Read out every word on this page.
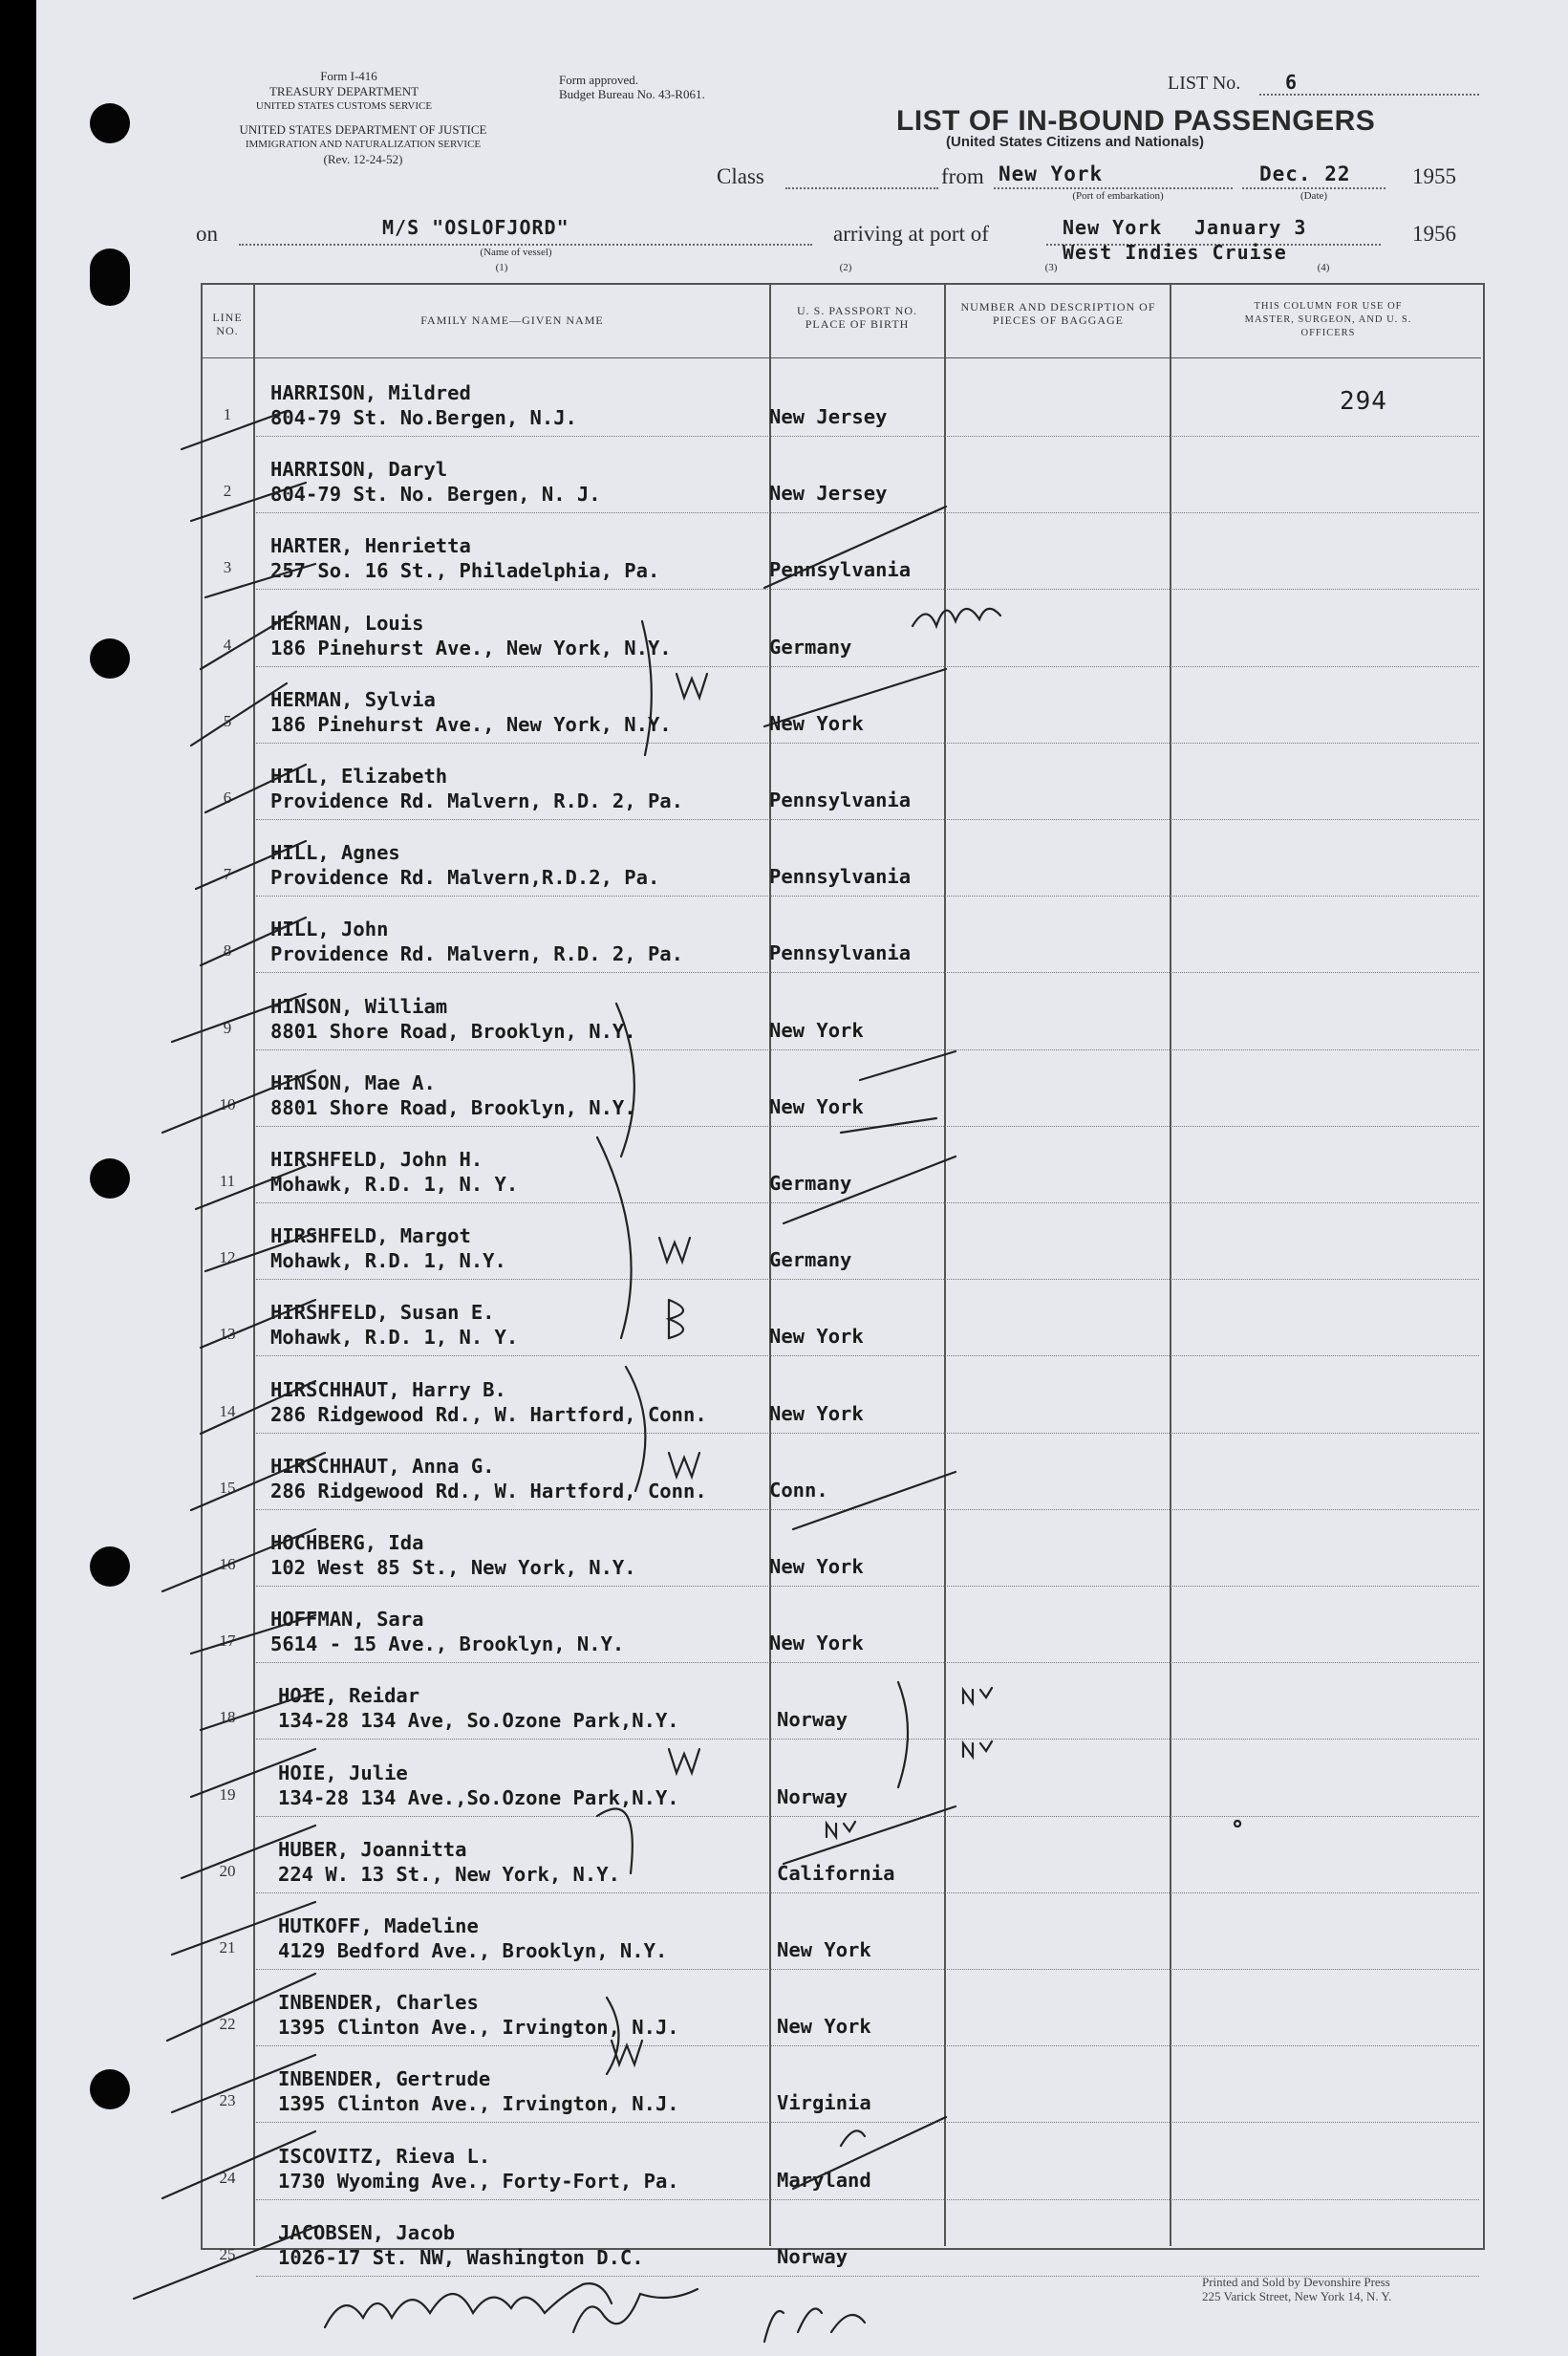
Form I-416
TREASURY DEPARTMENT
UNITED STATES CUSTOMS SERVICE
UNITED STATES DEPARTMENT OF JUSTICE
IMMIGRATION AND NATURALIZATION SERVICE
(Rev. 12-24-52)
Form approved.
Budget Bureau No. 43-R061.
LIST No. 6
LIST OF IN-BOUND PASSENGERS
(United States Citizens and Nationals)
Class	from New York
(Port of embarkation)
Dec. 22
(Date)
1955
on	M/S "OSLOFJORD"
(Name of vessel)
(1)
arriving at port of
(2)
New York January 3
West Indies Cruise
(3)	(4)
1956
LINE NO.
FAMILY NAME—GIVEN NAME
U. S. PASSPORT NO. PLACE OF BIRTH
NUMBER AND DESCRIPTION OF PIECES OF BAGGAGE
THIS COLUMN FOR USE OF MASTER, SURGEON, AND U. S. OFFICERS
294
1
HARRISON, Mildred
804-79 St. No.Bergen, N.J.	New Jersey
2
HARRISON, Daryl
804-79 St. No. Bergen, N. J.	New Jersey
3
HARTER, Henrietta
257 So. 16 St., Philadelphia, Pa.	Pennsylvania
4
HERMAN, Louis
186 Pinehurst Ave., New York, N.Y.	Germany
5
HERMAN, Sylvia
186 Pinehurst Ave., New York, N.Y.	New York
6
HILL, Elizabeth
Providence Rd. Malvern, R.D. 2, Pa.	Pennsylvania
7
HILL, Agnes
Providence Rd. Malvern,R.D.2, Pa.	Pennsylvania
8
HILL, John
Providence Rd. Malvern, R.D. 2, Pa.	Pennsylvania
9
HINSON, William
8801 Shore Road, Brooklyn, N.Y.	New York
10
HINSON, Mae A.
8801 Shore Road, Brooklyn, N.Y.	New York
11
HIRSHFELD, John H.
Mohawk, R.D. 1, N. Y.	Germany
12
HIRSHFELD, Margot
Mohawk, R.D. 1, N.Y.	Germany
13
HIRSHFELD, Susan E.
Mohawk, R.D. 1, N. Y.	New York
14
HIRSCHHAUT, Harry B.
286 Ridgewood Rd., W. Hartford, Conn.	New York
15
HIRSCHHAUT, Anna G.
286 Ridgewood Rd., W. Hartford, Conn.	Conn.
16
HOCHBERG, Ida
102 West 85 St., New York, N.Y.	New York
17
HOFFMAN, Sara
5614 - 15 Ave., Brooklyn, N.Y.	New York
18
HOIE, Reidar
134-28 134 Ave, So.Ozone Park,N.Y.	Norway
19
HOIE, Julie
134-28 134 Ave.,So.Ozone Park,N.Y.	Norway
20
HUBER, Joannitta
224 W. 13 St., New York, N.Y.	California
21
HUTKOFF, Madeline
4129 Bedford Ave., Brooklyn, N.Y.	New York
22
INBENDER, Charles
1395 Clinton Ave., Irvington, N.J.	New York
23
INBENDER, Gertrude
1395 Clinton Ave., Irvington, N.J.	Virginia
24
ISCOVITZ, Rieva L.
1730 Wyoming Ave., Forty-Fort, Pa.	Maryland
25
JACOBSEN, Jacob
1026-17 St. NW, Washington D.C.	Norway
Printed and Sold by Devonshire Press
225 Varick Street, New York 14, N. Y.
